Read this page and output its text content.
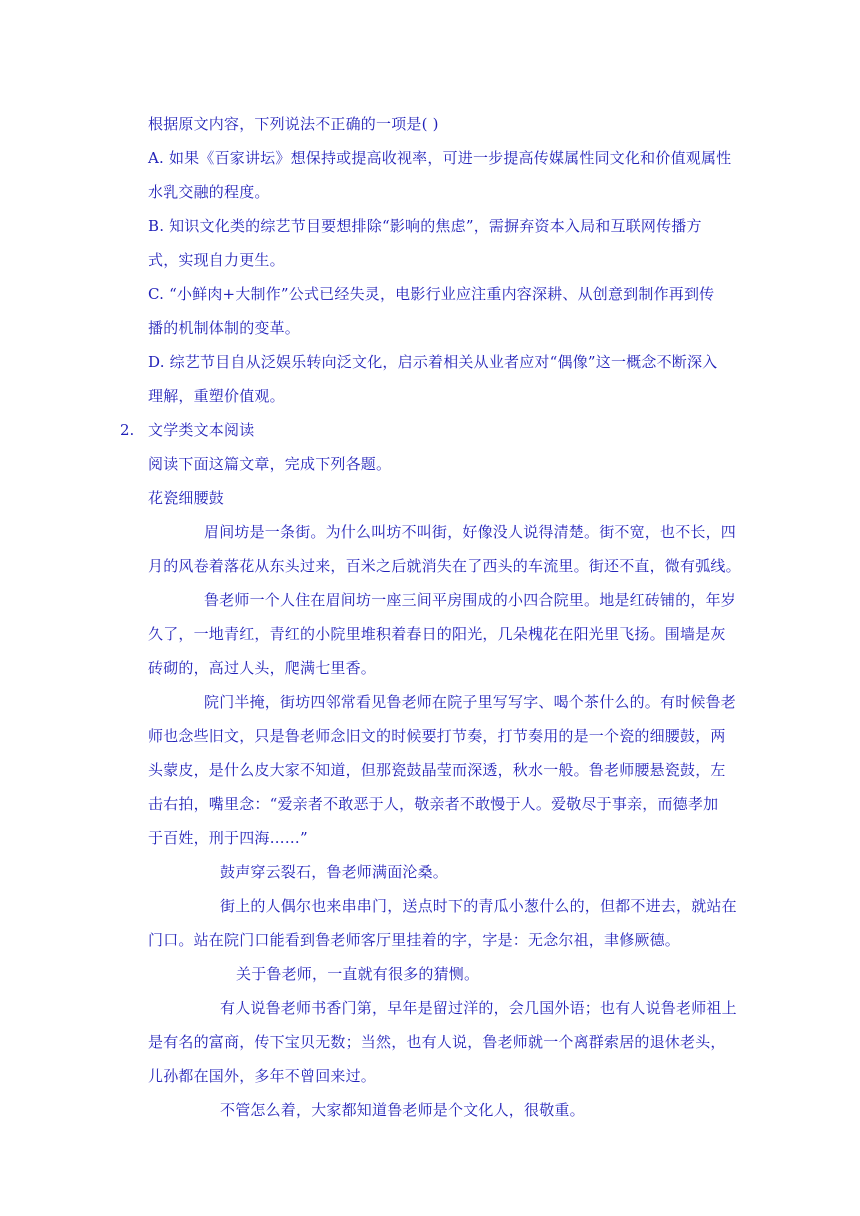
根据原文内容，下列说法不正确的一项是( )
A. 如果《百家讲坛》想保持或提高收视率，可进一步提高传媒属性同文化和价值观属性
水乳交融的程度。
B. 知识文化类的综艺节目要想排除“影响的焦虑”，需摒弃资本入局和互联网传播方
式，实现自力更生。
C. “小鲜肉+大制作”公式已经失灵，电影行业应注重内容深耕、从创意到制作再到传
播的机制体制的变革。
D. 综艺节目自从泛娱乐转向泛文化，启示着相关从业者应对“偶像”这一概念不断深入
理解，重塑价值观。
2. 文学类文本阅读
阅读下面这篇文章，完成下列各题。
花瓷细腰鼓
眉间坊是一条街。为什么叫坊不叫街，好像没人说得清楚。街不宽，也不长，四
月的风卷着落花从东头过来，百米之后就消失在了西头的车流里。街还不直，微有弧线。
鲁老师一个人住在眉间坊一座三间平房围成的小四合院里。地是红砖铺的，年岁
久了，一地青红，青红的小院里堆积着春日的阳光，几朵槐花在阳光里飞扬。围墙是灰
砖砌的，高过人头，爬满七里香。
院门半掩，街坊四邻常看见鲁老师在院子里写写字、喝个茶什么的。有时候鲁老
师也念些旧文，只是鲁老师念旧文的时候要打节奏，打节奏用的是一个瓷的细腰鼓，两
头蒙皮，是什么皮大家不知道，但那瓷鼓晶莹而深透，秋水一般。鲁老师腰悬瓷鼓，左
击右拍，嘴里念：“爱亲者不敢恶于人，敬亲者不敢慢于人。爱敬尽于事亲，而德孝加
于百姓，刑于四海……”
鼓声穿云裂石，鲁老师满面沦桑。
街上的人偶尔也来串串门，送点时下的青瓜小葱什么的，但都不进去，就站在
门口。站在院门口能看到鲁老师客厅里挂着的字，字是：无念尔祖，聿修厥德。
关于鲁老师，一直就有很多的猜恻。
有人说鲁老师书香门第，早年是留过洋的，会几国外语；也有人说鲁老师祖上
是有名的富商，传下宝贝无数；当然，也有人说，鲁老师就一个离群索居的退休老头，
儿孙都在国外，多年不曾回来过。
不管怎么着，大家都知道鲁老师是个文化人，很敬重。
